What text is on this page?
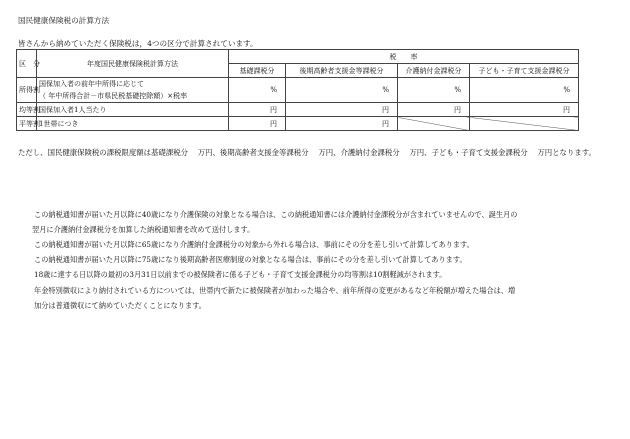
国民健康保険税の計算方法
皆さんから納めていただく保険税は，4つの区分で計算されています。
区　分	年度国民健康保険税計算方法	税　　率			
		基礎課税分	後期高齢者支援金等課税分	介護納付金課税分	子ども・子育て支援金課税分
所得割	国保加入者の前年中所得に応じて
（ 年中所得合計－市県民税基礎控除額）×税率	%	%	%	%
均等割	国保加入者1人当たり	円	円	円	円
平等割	1世帯につき	円	円		
ただし、国民健康保険税の課税限度額は基礎課税分　 万円、後期高齢者支援金等課税分　 万円、介護納付金課税分　 万円、子ども・子育て支援金課税分　 万円となります。
この納税通知書が届いた月以降に40歳になり介護保険の対象となる場合は、この納税通知書には介護納付金課税分が含まれていませんので、誕生月の
翌月に介護納付金課税分を加算した納税通知書を改めて送付します。
この納税通知書が届いた月以降に65歳になり介護納付金課税分の対象から外れる場合は、事前にその分を差し引いて計算してあります。
この納税通知書が届いた月以降に75歳になり後期高齢者医療制度の対象となる場合は、事前にその分を差し引いて計算してあります。
18歳に達する日以降の最初の3月31日以前までの被保険者に係る子ども・子育て支援金課税分の均等割は10割軽減がされます。
年金特別徴収により納付されている方については、世帯内で新たに被保険者が加わった場合や、前年所得の変更があるなど年税額が増えた場合は、増
加分は普通徴収にて納めていただくことになります。
